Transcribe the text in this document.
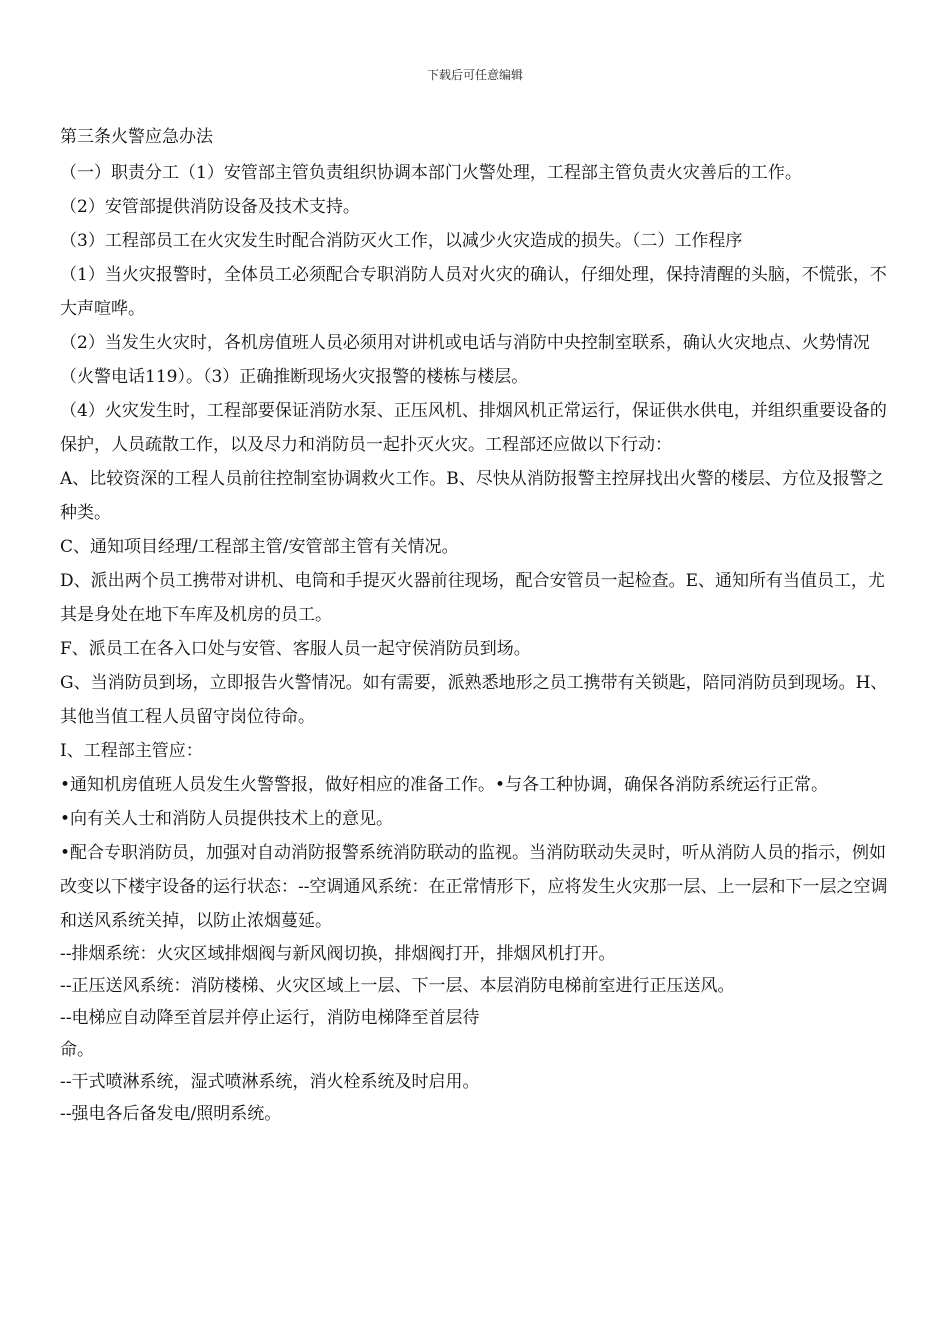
下载后可任意编辑
第三条火警应急办法

（一）职责分工（1）安管部主管负责组织协调本部门火警处理，工程部主管负责火灾善后的工作。

（2）安管部提供消防设备及技术支持。

（3）工程部员工在火灾发生时配合消防灭火工作，以减少火灾造成的损失。（二）工作程序

（1）当火灾报警时，全体员工必须配合专职消防人员对火灾的确认，仔细处理，保持清醒的头脑，不慌张，不大声喧哗。

（2）当发生火灾时，各机房值班人员必须用对讲机或电话与消防中央控制室联系，确认火灾地点、火势情况（火警电话119）。（3）正确推断现场火灾报警的楼栋与楼层。

（4）火灾发生时，工程部要保证消防水泵、正压风机、排烟风机正常运行，保证供水供电，并组织重要设备的保护，人员疏散工作，以及尽力和消防员一起扑灭火灾。工程部还应做以下行动：

A、比较资深的工程人员前往控制室协调救火工作。B、尽快从消防报警主控屏找出火警的楼层、方位及报警之种类。

C、通知项目经理/工程部主管/安管部主管有关情况。

D、派出两个员工携带对讲机、电筒和手提灭火器前往现场，配合安管员一起检查。E、通知所有当值员工，尤其是身处在地下车库及机房的员工。

F、派员工在各入口处与安管、客服人员一起守侯消防员到场。

G、当消防员到场，立即报告火警情况。如有需要，派熟悉地形之员工携带有关锁匙，陪同消防员到现场。H、其他当值工程人员留守岗位待命。

I、工程部主管应：

•通知机房值班人员发生火警警报，做好相应的准备工作。•与各工种协调，确保各消防系统运行正常。

•向有关人士和消防人员提供技术上的意见。

•配合专职消防员，加强对自动消防报警系统消防联动的监视。当消防联动失灵时，听从消防人员的指示，例如改变以下楼宇设备的运行状态：--空调通风系统：在正常情形下，应将发生火灾那一层、上一层和下一层之空调和送风系统关掉，以防止浓烟蔓延。

--排烟系统：火灾区域排烟阀与新风阀切换，排烟阀打开，排烟风机打开。

--正压送风系统：消防楼梯、火灾区域上一层、下一层、本层消防电梯前室进行正压送风。

--电梯应自动降至首层并停止运行，消防电梯降至首层待

命。

--干式喷淋系统，湿式喷淋系统，消火栓系统及时启用。

--强电各后备发电/照明系统。
